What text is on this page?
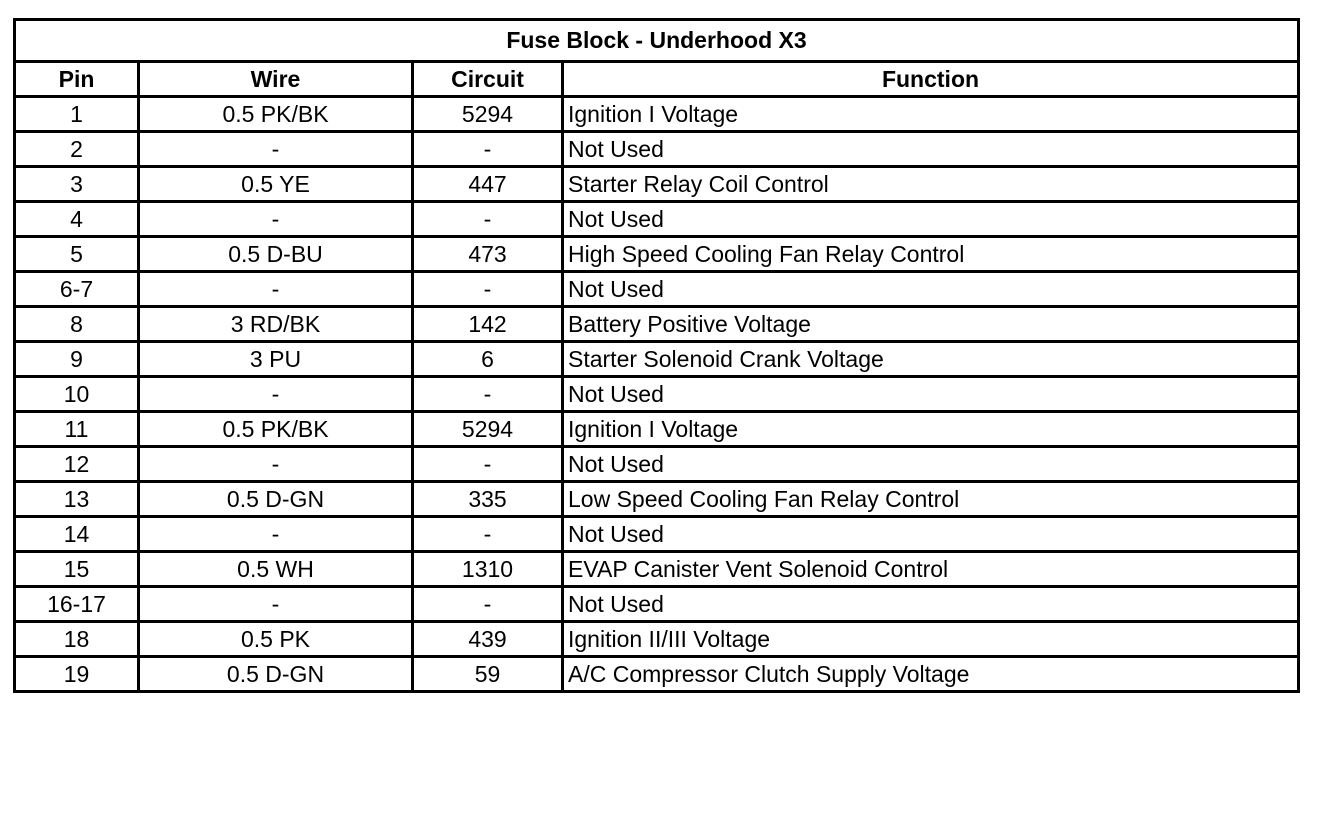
Fuse Block - Underhood X3			
Pin	Wire	Circuit	Function
1	0.5 PK/BK	5294	Ignition I Voltage
2	-	-	Not Used
3	0.5 YE	447	Starter Relay Coil Control
4	-	-	Not Used
5	0.5 D-BU	473	High Speed Cooling Fan Relay Control
6-7	-	-	Not Used
8	3 RD/BK	142	Battery Positive Voltage
9	3 PU	6	Starter Solenoid Crank Voltage
10	-	-	Not Used
11	0.5 PK/BK	5294	Ignition I Voltage
12	-	-	Not Used
13	0.5 D-GN	335	Low Speed Cooling Fan Relay Control
14	-	-	Not Used
15	0.5 WH	1310	EVAP Canister Vent Solenoid Control
16-17	-	-	Not Used
18	0.5 PK	439	Ignition II/III Voltage
19	0.5 D-GN	59	A/C Compressor Clutch Supply Voltage
